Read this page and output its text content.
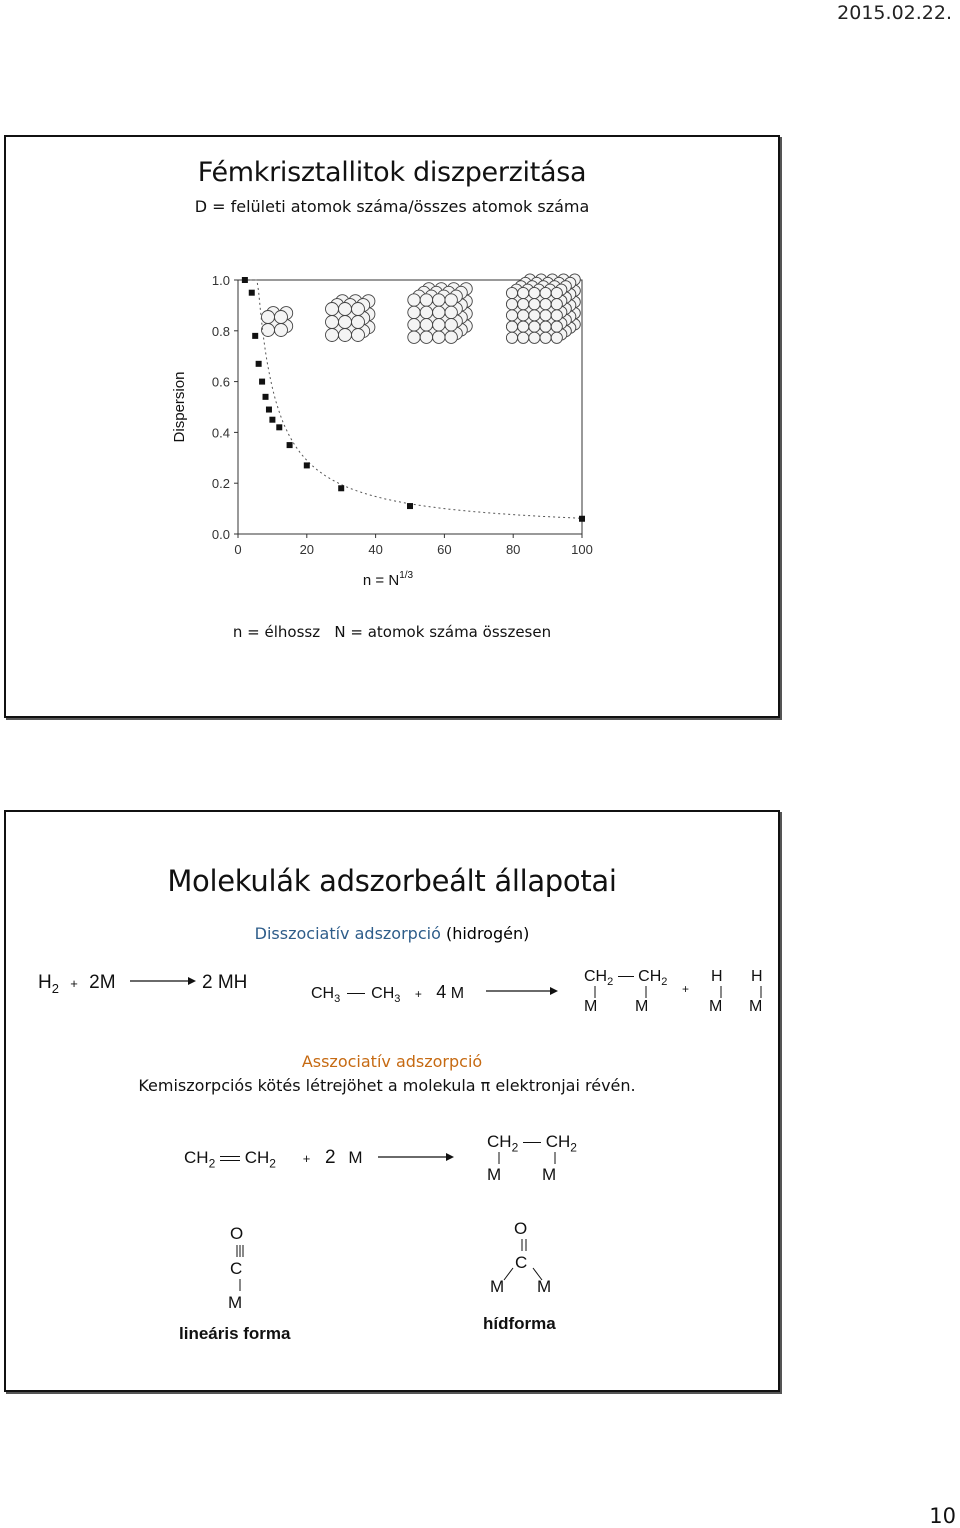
2015.02.22.
Fémkrisztallitok diszperzitása
D = felületi atomok száma/összes atomok száma
0	20	40	60	80	100
0.0
0.2
0.4
0.6
0.8
1.0
Dispersion
$n = N^{1/3}$
n = élhossz   N = atomok száma összesen
Molekulák adszorbeált állapotai
Disszociatív adszorpció (hidrogén)
$H_2 + 2M$	2 MH
$CH_3$ $CH_3 + 4$ M
$CH_2$ $CH_2$
M M
+
H H
M M
Asszociatív adszorpció
Kemiszorpciós kötés létrejöhet a molekula π elektronjai révén.
$CH_2$ $CH_2 + 2$ M
$CH_2$ $CH_2$
M M
O
C
M
lineáris forma
O
C
M M
hídforma
10
